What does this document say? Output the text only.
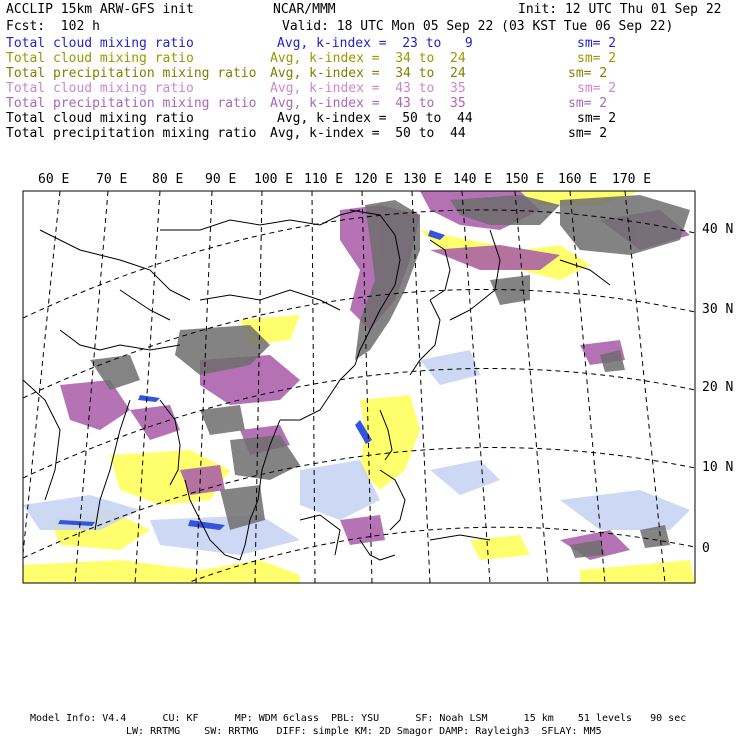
ACCLIP 15km ARW-GFS init	NCAR/MMM	Init: 12 UTC Thu 01 Sep 22
Fcst:  102 h	Valid: 18 UTC Mon 05 Sep 22 (03 KST Tue 06 Sep 22)
Total cloud mixing ratio	Avg, k-index =  23 to   9	sm= 2
Total cloud mixing ratio	Avg, k-index =  34 to  24	sm= 2
Total precipitation mixing ratio Avg, k-index =  34 to  24	sm= 2
Total cloud mixing ratio	Avg, k-index =  43 to  35	sm= 2
Total precipitation mixing ratio Avg, k-index =  43 to  35	sm= 2
Total cloud mixing ratio	Avg, k-index =  50 to  44	sm= 2
Total precipitation mixing ratio Avg, k-index =  50 to  44	sm= 2
60 E 70 E 80 E 90 E 100 E 110 E 120 E 130 E 140 E 150 E 160 E 170 E
40 N
30 N
20 N
10 N
0
Model Info: V4.4      CU: KF      MP: WDM 6class  PBL: YSU      SF: Noah LSM      15 km    51 levels   90 sec
LW: RRTMG    SW: RRTMG   DIFF: simple KM: 2D Smagor DAMP: Rayleigh3  SFLAY: MM5
